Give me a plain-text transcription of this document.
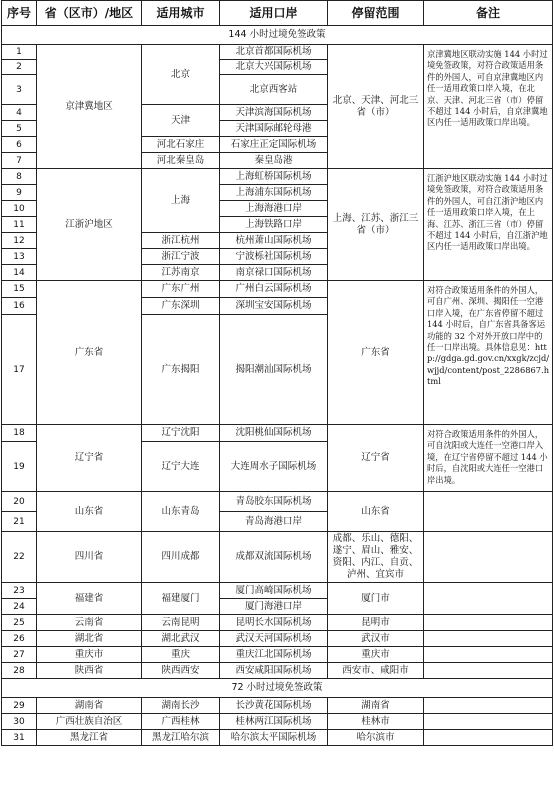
序号	省（区市）/地区	适用城市	适用口岸	停留范围	备注
144 小时过境免签政策					
1	京津冀地区	北京	北京首都国际机场	北京、天津、河北三省（市）	京津冀地区联动实施 144 小时过境免签政策，对符合政策适用条件的外国人，可自京津冀地区内任一适用政策口岸入境，在北京、天津、河北三省（市）停留不超过 144 小时后，自京津冀地区内任一适用政策口岸出境。
2			北京大兴国际机场		
3			北京西客站		
4		天津	天津滨海国际机场		
5			天津国际邮轮母港		
6		河北石家庄	石家庄正定国际机场		
7		河北秦皇岛	秦皇岛港		
8	江浙沪地区	上海	上海虹桥国际机场	上海、江苏、浙江三省（市）	江浙沪地区联动实施 144 小时过境免签政策，对符合政策适用条件的外国人，可自江浙沪地区内任一适用政策口岸入境，在上海、江苏、浙江三省（市）停留不超过 144 小时后，自江浙沪地区内任一适用政策口岸出境。
9			上海浦东国际机场		
10			上海海港口岸		
11			上海铁路口岸		
12		浙江杭州	杭州萧山国际机场		
13		浙江宁波	宁波栎社国际机场		
14		江苏南京	南京禄口国际机场		
15	广东省	广东广州	广州白云国际机场	广东省	对符合政策适用条件的外国人，可自广州、深圳、揭阳任一空港口岸入境，在广东省停留不超过 144 小时后，自广东省具备客运功能的 32 个对外开放口岸中的任一口岸出境。具体信息见：http://gdga.gd.gov.cn/xxgk/zcjd/wjjd/content/post_2286867.html
16		广东深圳	深圳宝安国际机场		
17		广东揭阳	揭阳潮汕国际机场		
18	辽宁省	辽宁沈阳	沈阳桃仙国际机场	辽宁省	对符合政策适用条件的外国人，可自沈阳或大连任一空港口岸入境，在辽宁省停留不超过 144 小时后，自沈阳或大连任一空港口岸出境。
19		辽宁大连	大连周水子国际机场		
20	山东省	山东青岛	青岛胶东国际机场	山东省	
21			青岛海港口岸		
22	四川省	四川成都	成都双流国际机场	成都、乐山、德阳、遂宁、眉山、雅安、资阳、内江、自贡、泸州、宜宾市	
23	福建省	福建厦门	厦门高崎国际机场	厦门市	
24			厦门海港口岸		
25	云南省	云南昆明	昆明长水国际机场	昆明市	
26	湖北省	湖北武汉	武汉天河国际机场	武汉市	
27	重庆市	重庆	重庆江北国际机场	重庆市	
28	陕西省	陕西西安	西安咸阳国际机场	西安市、咸阳市	
72 小时过境免签政策					
29	湖南省	湖南长沙	长沙黄花国际机场	湖南省	
30	广西壮族自治区	广西桂林	桂林两江国际机场	桂林市	
31	黑龙江省	黑龙江哈尔滨	哈尔滨太平国际机场	哈尔滨市	
